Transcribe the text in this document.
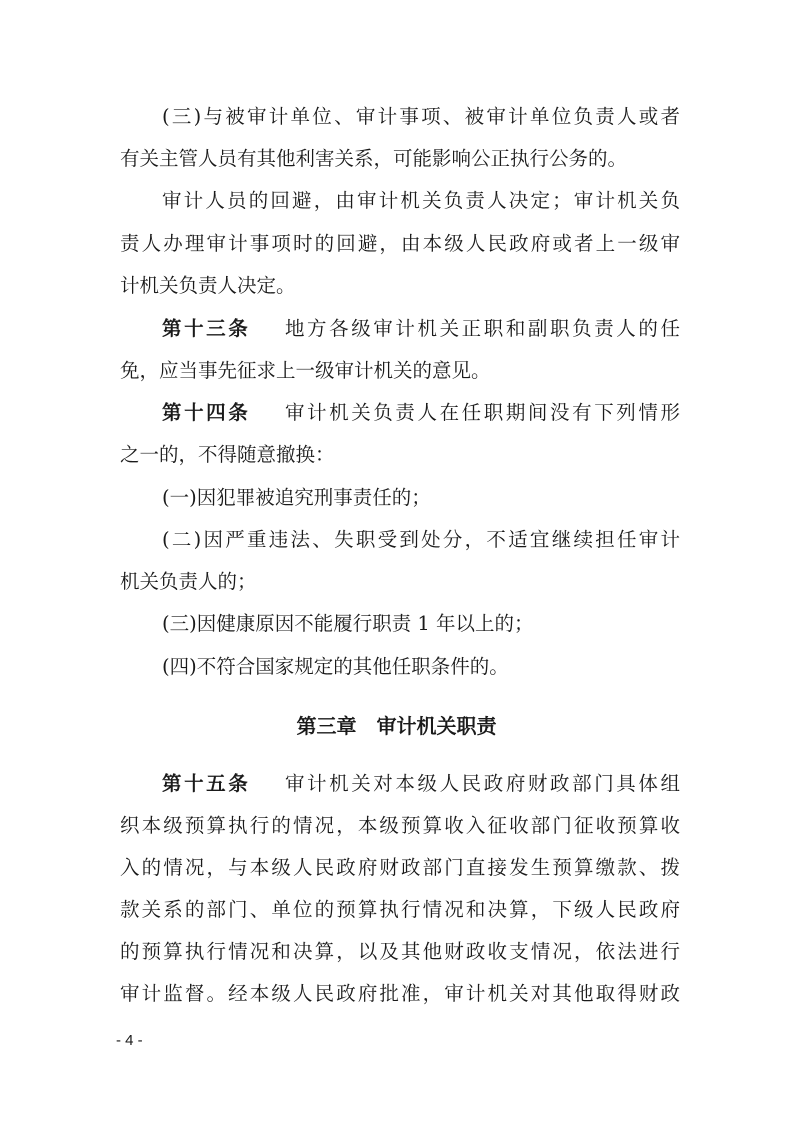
(三)与被审计单位、审计事项、被审计单位负责人或者
有关主管人员有其他利害关系，可能影响公正执行公务的。
审计人员的回避，由审计机关负责人决定；审计机关负
责人办理审计事项时的回避，由本级人民政府或者上一级审
计机关负责人决定。
第十三条 地方各级审计机关正职和副职负责人的任
免，应当事先征求上一级审计机关的意见。
第十四条 审计机关负责人在任职期间没有下列情形
之一的，不得随意撤换：
(一)因犯罪被追究刑事责任的；
(二)因严重违法、失职受到处分，不适宜继续担任审计
机关负责人的；
(三)因健康原因不能履行职责 1 年以上的；
(四)不符合国家规定的其他任职条件的。
第三章　审计机关职责
第十五条 审计机关对本级人民政府财政部门具体组
织本级预算执行的情况，本级预算收入征收部门征收预算收
入的情况，与本级人民政府财政部门直接发生预算缴款、拨
款关系的部门、单位的预算执行情况和决算，下级人民政府
的预算执行情况和决算，以及其他财政收支情况，依法进行
审计监督。经本级人民政府批准，审计机关对其他取得财政
- 4 -
